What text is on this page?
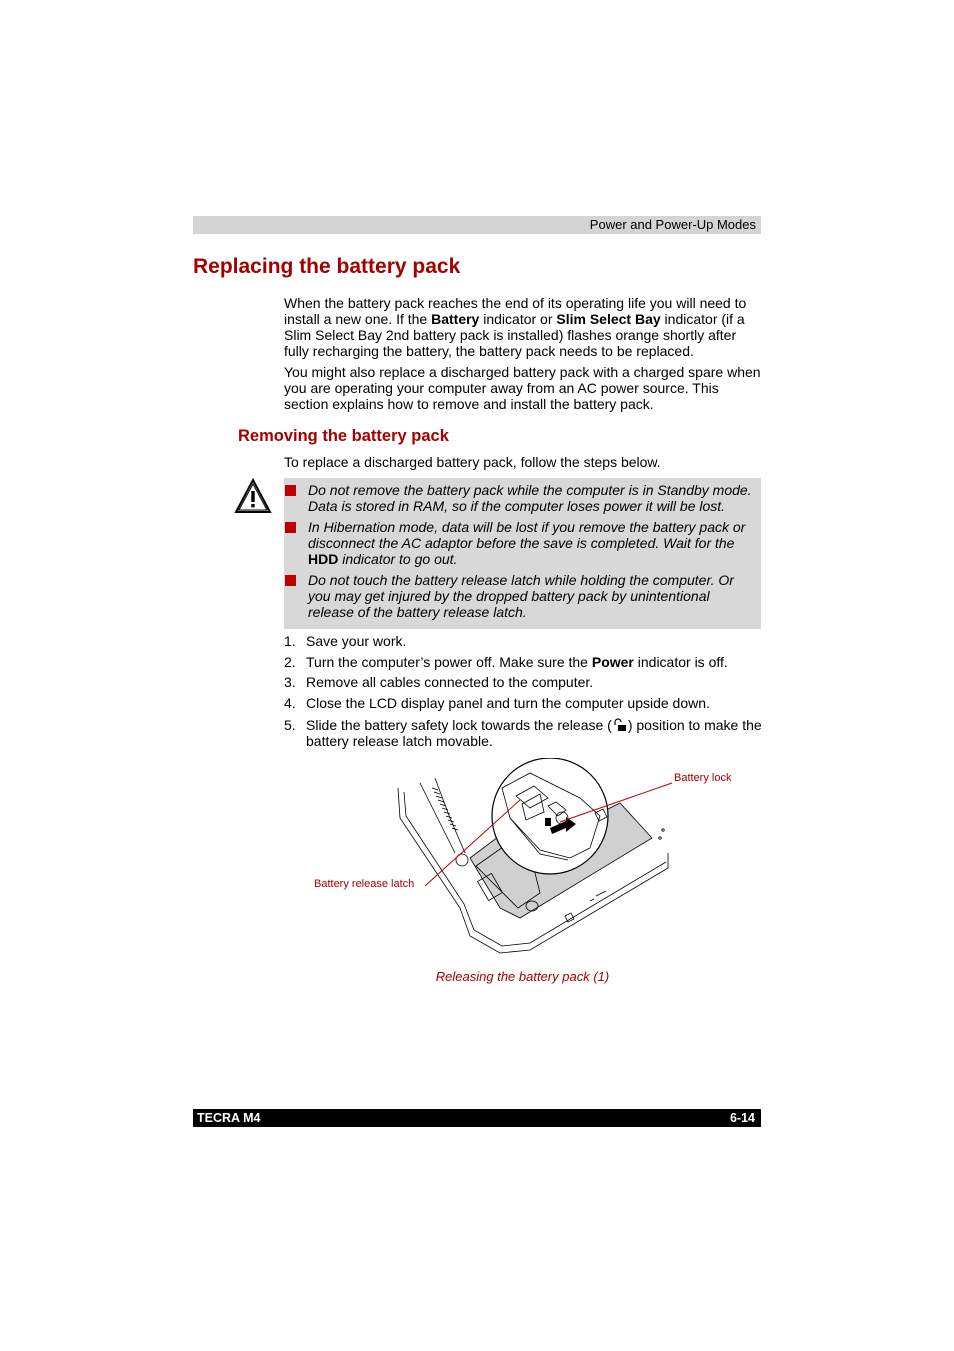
Power and Power-Up Modes
Replacing the battery pack

When the battery pack reaches the end of its operating life you will need to install a new one. If the Battery indicator or Slim Select Bay indicator (if a Slim Select Bay 2nd battery pack is installed) flashes orange shortly after fully recharging the battery, the battery pack needs to be replaced.

You might also replace a discharged battery pack with a charged spare when you are operating your computer away from an AC power source. This section explains how to remove and install the battery pack.

Removing the battery pack

To replace a discharged battery pack, follow the steps below.

Do not remove the battery pack while the computer is in Standby mode. Data is stored in RAM, so if the computer loses power it will be lost.
In Hibernation mode, data will be lost if you remove the battery pack or disconnect the AC adaptor before the save is completed. Wait for the HDD indicator to go out.
Do not touch the battery release latch while holding the computer. Or you may get injured by the dropped battery pack by unintentional release of the battery release latch.
1. Save your work.
2. Turn the computer’s power off. Make sure the Power indicator is off.
3. Remove all cables connected to the computer.
4. Close the LCD display panel and turn the computer upside down.
5. Slide the battery safety lock towards the release ( ) position to make the battery release latch movable.
Battery lock
Battery release latch
Releasing the battery pack (1)
TECRA M4	6-14
